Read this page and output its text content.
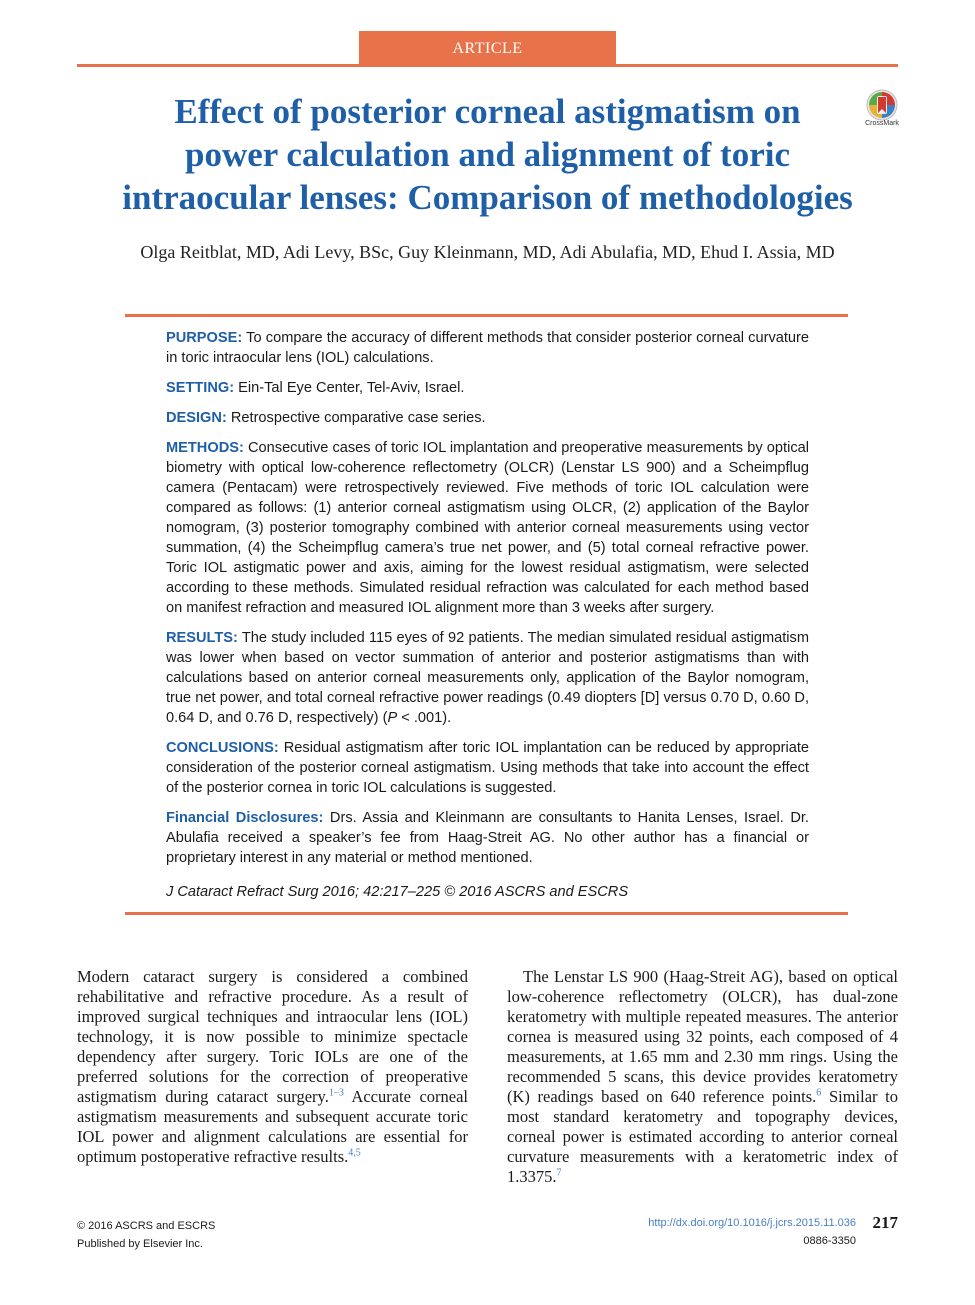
ARTICLE
Effect of posterior corneal astigmatism on
power calculation and alignment of toric
intraocular lenses: Comparison of methodologies
CrossMark
Olga Reitblat, MD, Adi Levy, BSc, Guy Kleinmann, MD, Adi Abulafia, MD, Ehud I. Assia, MD

PURPOSE: To compare the accuracy of different methods that consider posterior corneal curvature in toric intraocular lens (IOL) calculations.

SETTING: Ein-Tal Eye Center, Tel-Aviv, Israel.

DESIGN: Retrospective comparative case series.

METHODS: Consecutive cases of toric IOL implantation and preoperative measurements by optical biometry with optical low-coherence reflectometry (OLCR) (Lenstar LS 900) and a Scheimpflug camera (Pentacam) were retrospectively reviewed. Five methods of toric IOL calculation were compared as follows: (1) anterior corneal astigmatism using OLCR, (2) application of the Baylor nomogram, (3) posterior tomography combined with anterior corneal measurements using vector summation, (4) the Scheimpflug camera’s true net power, and (5) total corneal refractive power. Toric IOL astigmatic power and axis, aiming for the lowest residual astigmatism, were selected according to these methods. Simulated residual refraction was calculated for each method based on manifest refraction and measured IOL alignment more than 3 weeks after surgery.

RESULTS: The study included 115 eyes of 92 patients. The median simulated residual astigmatism was lower when based on vector summation of anterior and posterior astigmatisms than with calculations based on anterior corneal measurements only, application of the Baylor nomogram, true net power, and total corneal refractive power readings (0.49 diopters [D] versus 0.70 D, 0.60 D, 0.64 D, and 0.76 D, respectively) (P < .001).

CONCLUSIONS: Residual astigmatism after toric IOL implantation can be reduced by appropriate consideration of the posterior corneal astigmatism. Using methods that take into account the effect of the posterior cornea in toric IOL calculations is suggested.

Financial Disclosures: Drs. Assia and Kleinmann are consultants to Hanita Lenses, Israel. Dr. Abulafia received a speaker’s fee from Haag-Streit AG. No other author has a financial or proprietary interest in any material or method mentioned.

J Cataract Refract Surg 2016; 42:217–225 © 2016 ASCRS and ESCRS

Modern cataract surgery is considered a combined rehabilitative and refractive procedure. As a result of improved surgical techniques and intraocular lens (IOL) technology, it is now possible to minimize spectacle dependency after surgery. Toric IOLs are one of the preferred solutions for the correction of preoperative astigmatism during cataract surgery.$^{1-3}$ Accurate corneal astigmatism measurements and subsequent accurate toric IOL power and alignment calculations are essential for optimum postoperative refractive results.$^{4,5}$

The Lenstar LS 900 (Haag-Streit AG), based on optical low-coherence reflectometry (OLCR), has dual-zone keratometry with multiple repeated measures. The anterior cornea is measured using 32 points, each composed of 4 measurements, at 1.65 mm and 2.30 mm rings. Using the recommended 5 scans, this device provides keratometry (K) readings based on 640 reference points.$^6$ Similar to most standard keratometry and topography devices, corneal power is estimated according to anterior corneal curvature measurements with a keratometric index of 1.3375.$^7$

© 2016 ASCRS and ESCRS
Published by Elsevier Inc.
http://dx.doi.org/10.1016/j.jcrs.2015.11.036 217
0886-3350
